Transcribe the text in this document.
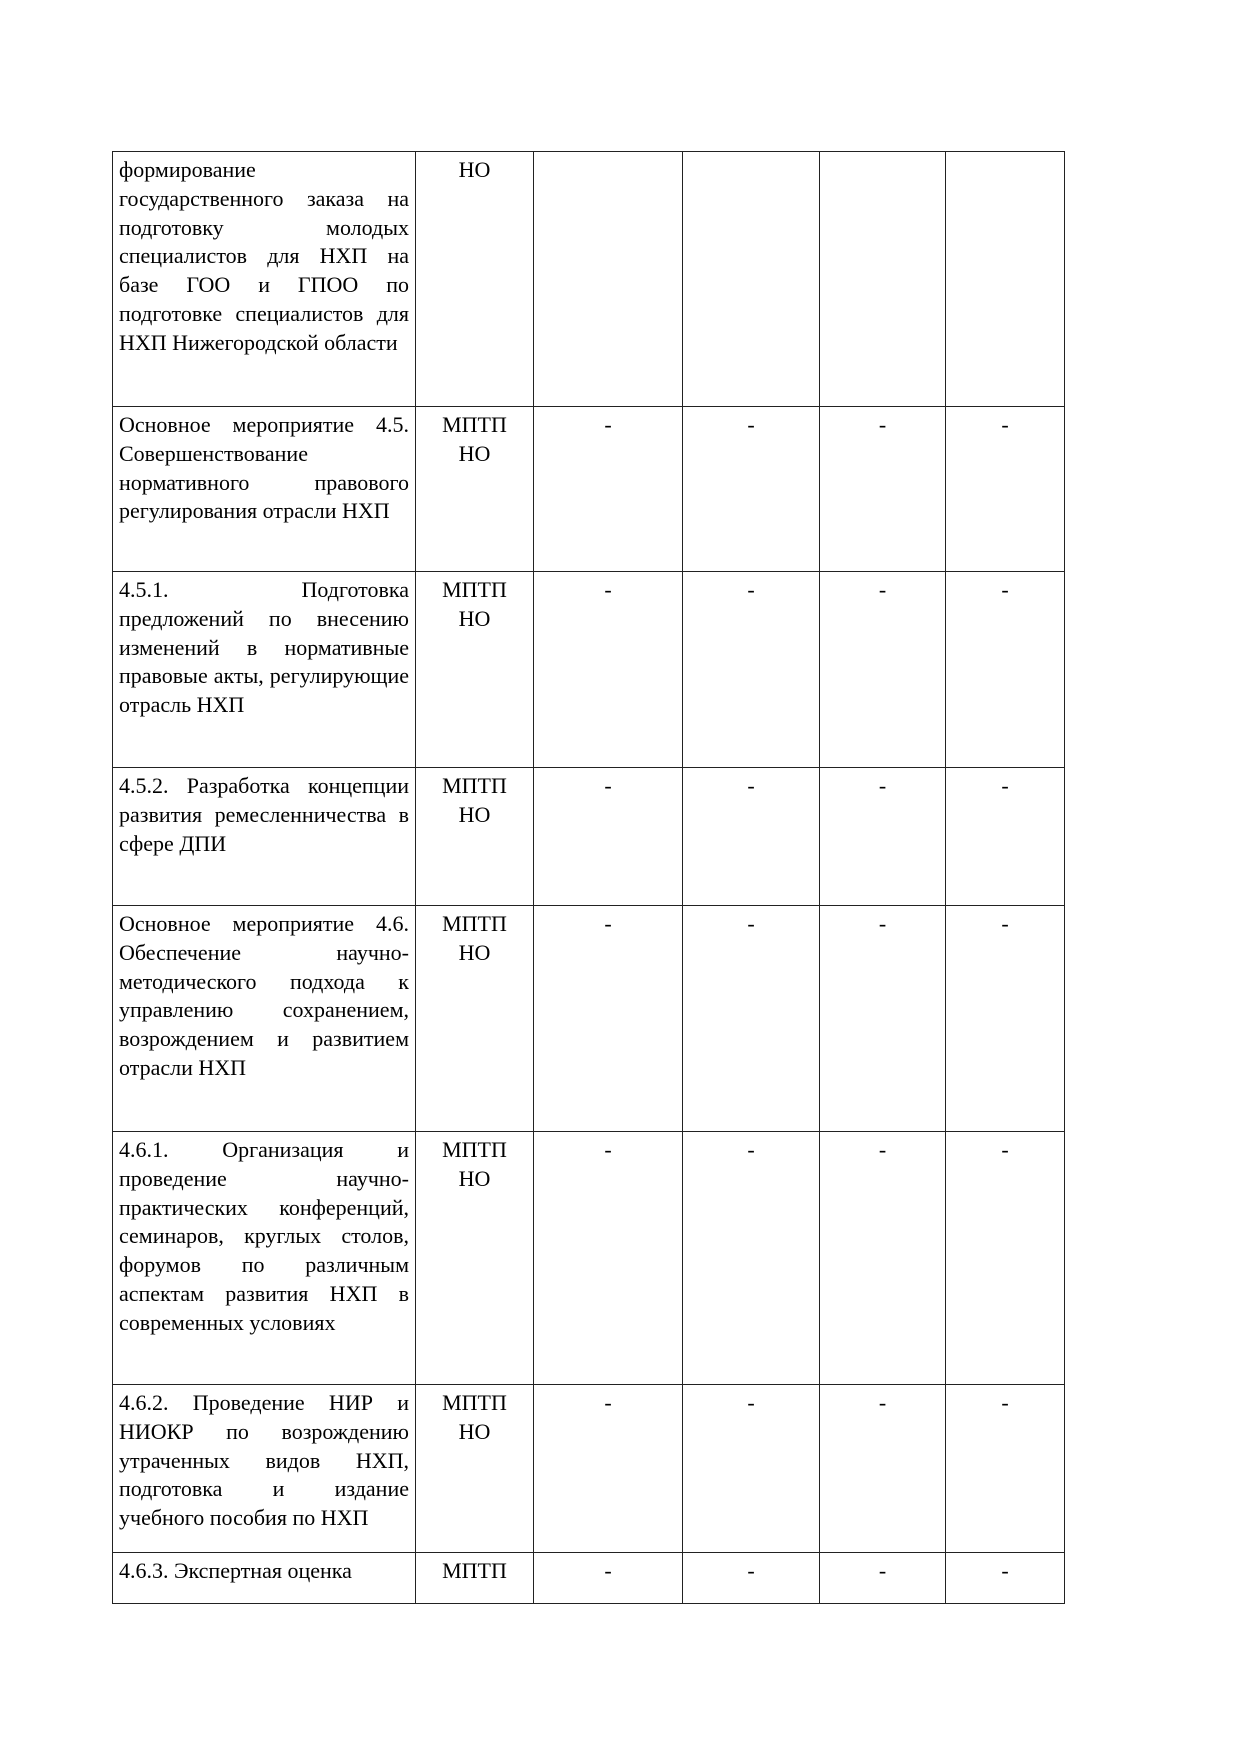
формирование государственного заказа на подготовку молодых специалистов для НХП на базе ГОО и ГПОО по подготовке специалистов для НХП Нижегородской области	НО				

Основное мероприятие 4.5. Совершенствование нормативного правового регулирования отрасли НХП	МПТП НО	-	-	-	-

4.5.1. Подготовка предложений по внесению изменений в нормативные правовые акты, регулирующие отрасль НХП	МПТП НО	-	-	-	-

4.5.2. Разработка концепции развития ремесленничества в сфере ДПИ	МПТП НО	-	-	-	-

Основное мероприятие 4.6. Обеспечение научно-методического подхода к управлению сохранением, возрождением и развитием отрасли НХП	МПТП НО	-	-	-	-

4.6.1. Организация и проведение научно-практических конференций, семинаров, круглых столов, форумов по различным аспектам развития НХП в современных условиях	МПТП НО	-	-	-	-

4.6.2. Проведение НИР и НИОКР по возрождению утраченных видов НХП, подготовка и издание учебного пособия по НХП	МПТП НО	-	-	-	-

4.6.3. Экспертная оценка	МПТП	-	-	-	-
